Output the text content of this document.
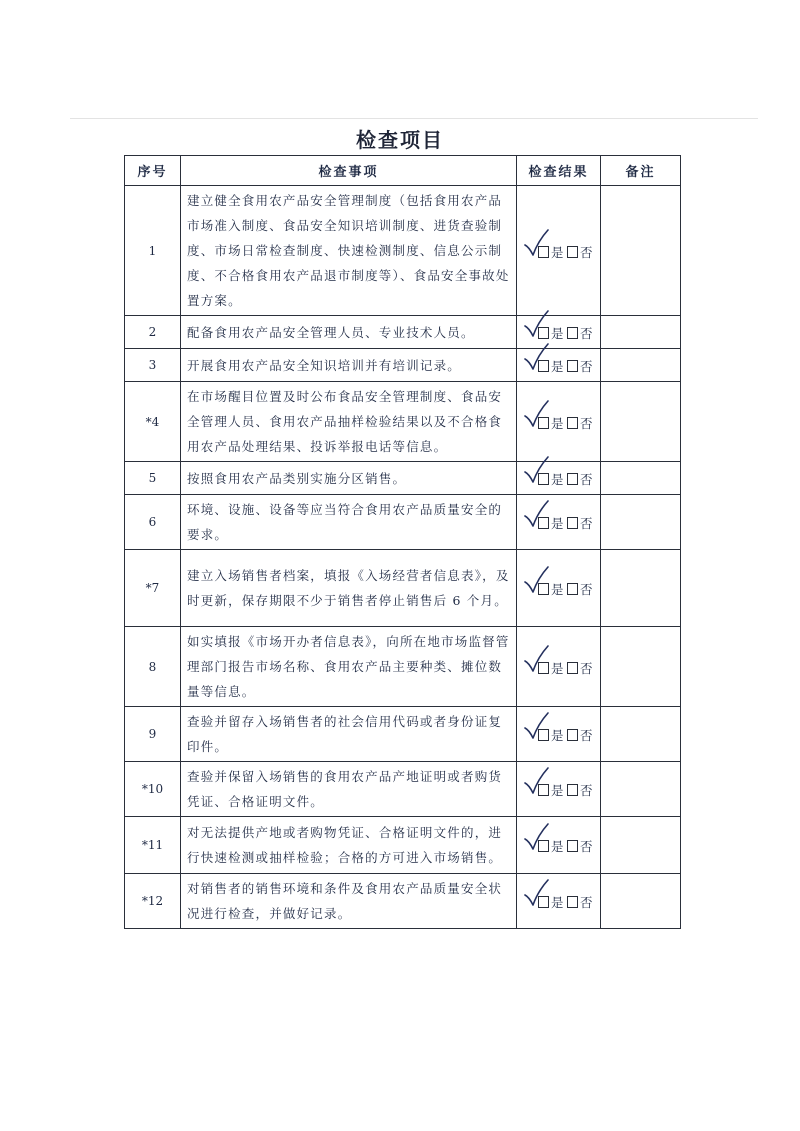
检查项目
序号	检查事项	检查结果	备注
1	建立健全食用农产品安全管理制度（包括食用农产品市场准入制度、食品安全知识培训制度、进货查验制度、市场日常检查制度、快速检测制度、信息公示制度、不合格食用农产品退市制度等）、食品安全事故处置方案。	是 否	

2	配备食用农产品安全管理人员、专业技术人员。	是 否	

3	开展食用农产品安全知识培训并有培训记录。	是 否	

*4	在市场醒目位置及时公布食品安全管理制度、食品安全管理人员、食用农产品抽样检验结果以及不合格食用农产品处理结果、投诉举报电话等信息。	是 否	

5	按照食用农产品类别实施分区销售。	是 否	

6	环境、设施、设备等应当符合食用农产品质量安全的要求。	是 否	

*7	建立入场销售者档案，填报《入场经营者信息表》，及时更新，保存期限不少于销售者停止销售后 6 个月。	是 否	

8	如实填报《市场开办者信息表》，向所在地市场监督管理部门报告市场名称、食用农产品主要种类、摊位数量等信息。	是 否	

9	查验并留存入场销售者的社会信用代码或者身份证复印件。	是 否	

*10	查验并保留入场销售的食用农产品产地证明或者购货凭证、合格证明文件。	是 否	

*11	对无法提供产地或者购物凭证、合格证明文件的，进行快速检测或抽样检验；合格的方可进入市场销售。	是 否	

*12	对销售者的销售环境和条件及食用农产品质量安全状况进行检查，并做好记录。	是 否	
